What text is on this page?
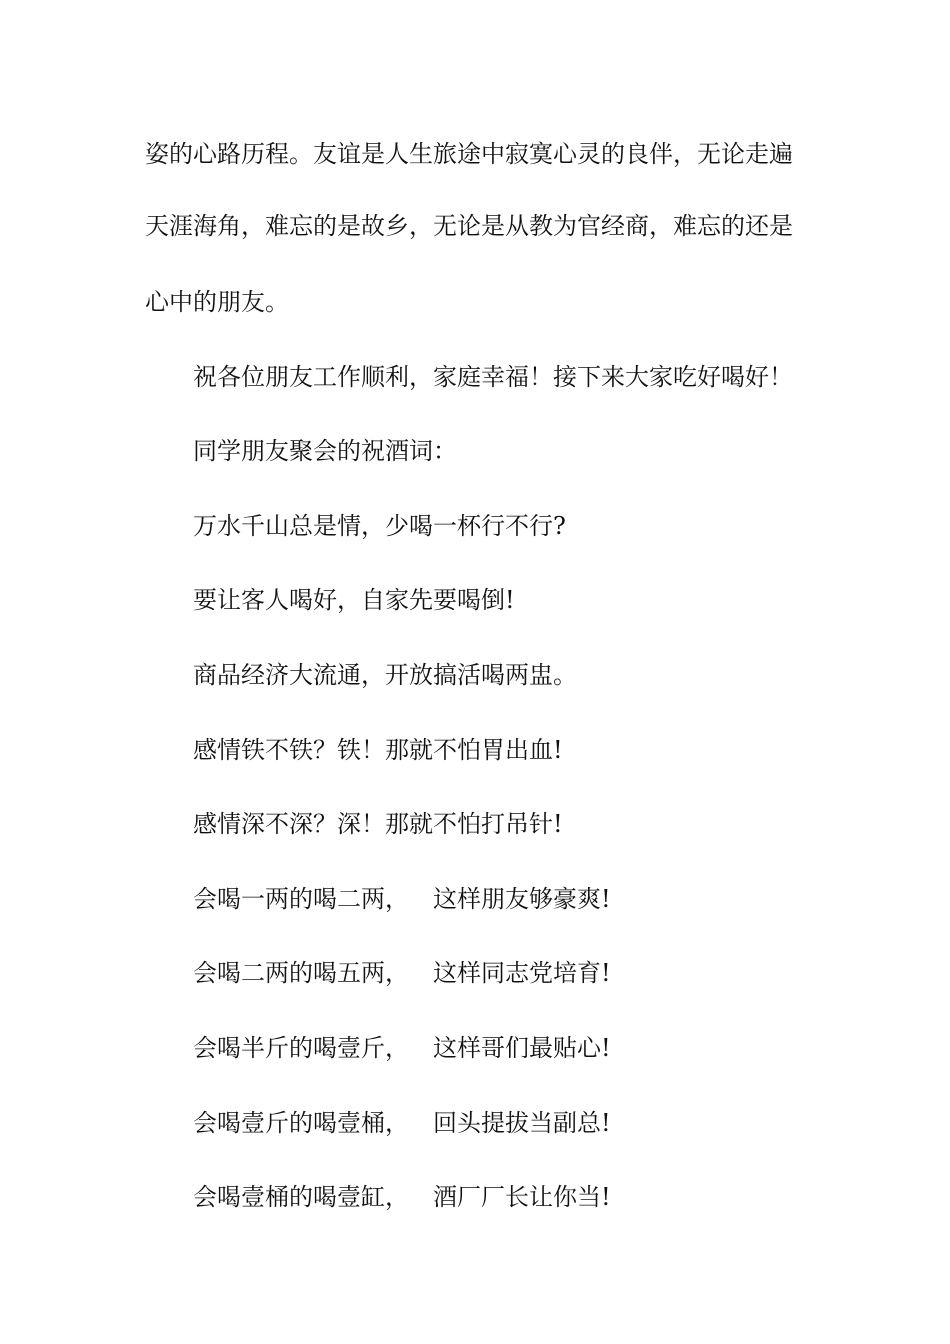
姿的心路历程。友谊是人生旅途中寂寞心灵的良伴，无论走遍
天涯海角，难忘的是故乡，无论是从教为官经商，难忘的还是
心中的朋友。
祝各位朋友工作顺利，家庭幸福！接下来大家吃好喝好！
同学朋友聚会的祝酒词：
万水千山总是情，少喝一杯行不行?
要让客人喝好，自家先要喝倒!
商品经济大流通，开放搞活喝两盅。
感情铁不铁？铁！那就不怕胃出血!
感情深不深？深！那就不怕打吊针!
会喝一两的喝二两， 这样朋友够豪爽!
会喝二两的喝五两， 这样同志党培育!
会喝半斤的喝壹斤， 这样哥们最贴心!
会喝壹斤的喝壹桶， 回头提拔当副总!
会喝壹桶的喝壹缸， 酒厂厂长让你当!
